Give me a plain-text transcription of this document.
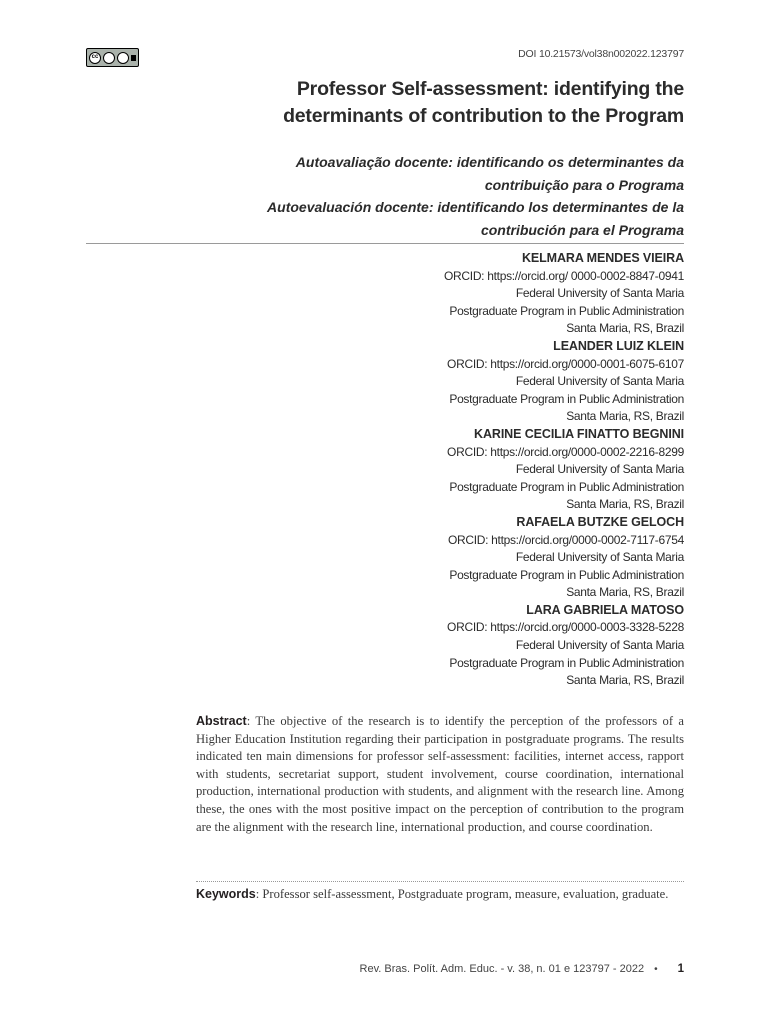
cc	DOI 10.21573/vol38n002022.123797
Professor Self-assessment: identifying the determinants of contribution to the Program
Autoavaliação docente: identificando os determinantes da contribuição para o Programa
Autoevaluación docente: identificando los determinantes de la contribución para el Programa
KELMARA MENDES VIEIRA
ORCID: https://orcid.org/ 0000-0002-8847-0941
Federal University of Santa Maria
Postgraduate Program in Public Administration
Santa Maria, RS, Brazil
LEANDER LUIZ KLEIN
ORCID: https://orcid.org/0000-0001-6075-6107
Federal University of Santa Maria
Postgraduate Program in Public Administration
Santa Maria, RS, Brazil
KARINE CECILIA FINATTO BEGNINI
ORCID: https://orcid.org/0000-0002-2216-8299
Federal University of Santa Maria
Postgraduate Program in Public Administration
Santa Maria, RS, Brazil
RAFAELA BUTZKE GELOCH
ORCID: https://orcid.org/0000-0002-7117-6754
Federal University of Santa Maria
Postgraduate Program in Public Administration
Santa Maria, RS, Brazil
LARA GABRIELA MATOSO
ORCID: https://orcid.org/0000-0003-3328-5228
Federal University of Santa Maria
Postgraduate Program in Public Administration
Santa Maria, RS, Brazil

Abstract: The objective of the research is to identify the perception of the professors of a Higher Education Institution regarding their participation in postgraduate programs. The results indicated ten main dimensions for professor self-assessment: facilities, internet access, rapport with students, secretariat support, student involvement, course coordination, international production, international production with students, and alignment with the research line. Among these, the ones with the most positive impact on the perception of contribution to the program are the alignment with the research line, international production, and course coordination.

Keywords: Professor self-assessment, Postgraduate program, measure, evaluation, graduate.

Rev. Bras. Polít. Adm. Educ. - v. 38, n. 01 e 123797 - 2022 • 1
